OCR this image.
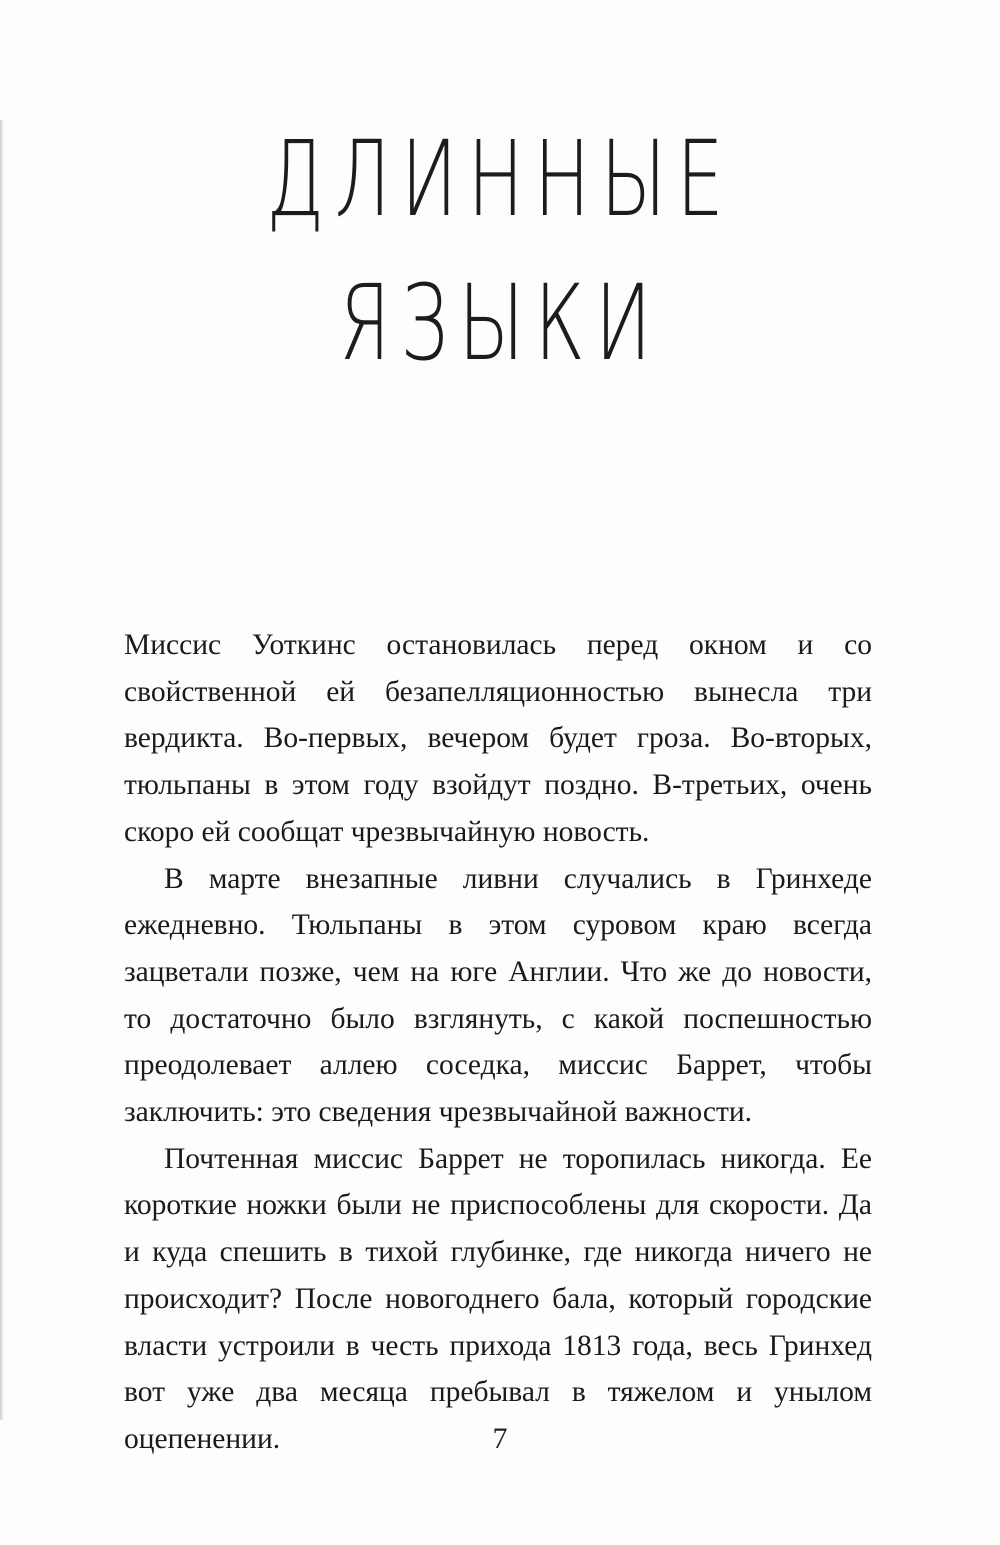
ДЛИННЫЕ
ЯЗЫКИ

Миссис Уоткинс остановилась перед окном и со свойственной ей безапелляционностью вынесла три вердикта. Во-первых, вечером будет гроза. Во-вторых, тюльпаны в этом году взойдут поздно. В-третьих, очень скоро ей сообщат чрезвычайную новость.

В марте внезапные ливни случались в Гринхеде ежедневно. Тюльпаны в этом суровом краю всегда зацветали позже, чем на юге Англии. Что же до новости, то достаточно было взглянуть, с какой поспешностью преодолевает аллею соседка, миссис Баррет, чтобы заключить: это сведения чрезвычайной важности.

Почтенная миссис Баррет не торопилась никогда. Ее короткие ножки были не приспособлены для скорости. Да и куда спешить в тихой глубинке, где никогда ничего не происходит? После новогоднего бала, который городские власти устроили в честь прихода 1813 года, весь Гринхед вот уже два месяца пребывал в тяжелом и унылом оцепенении.	7
